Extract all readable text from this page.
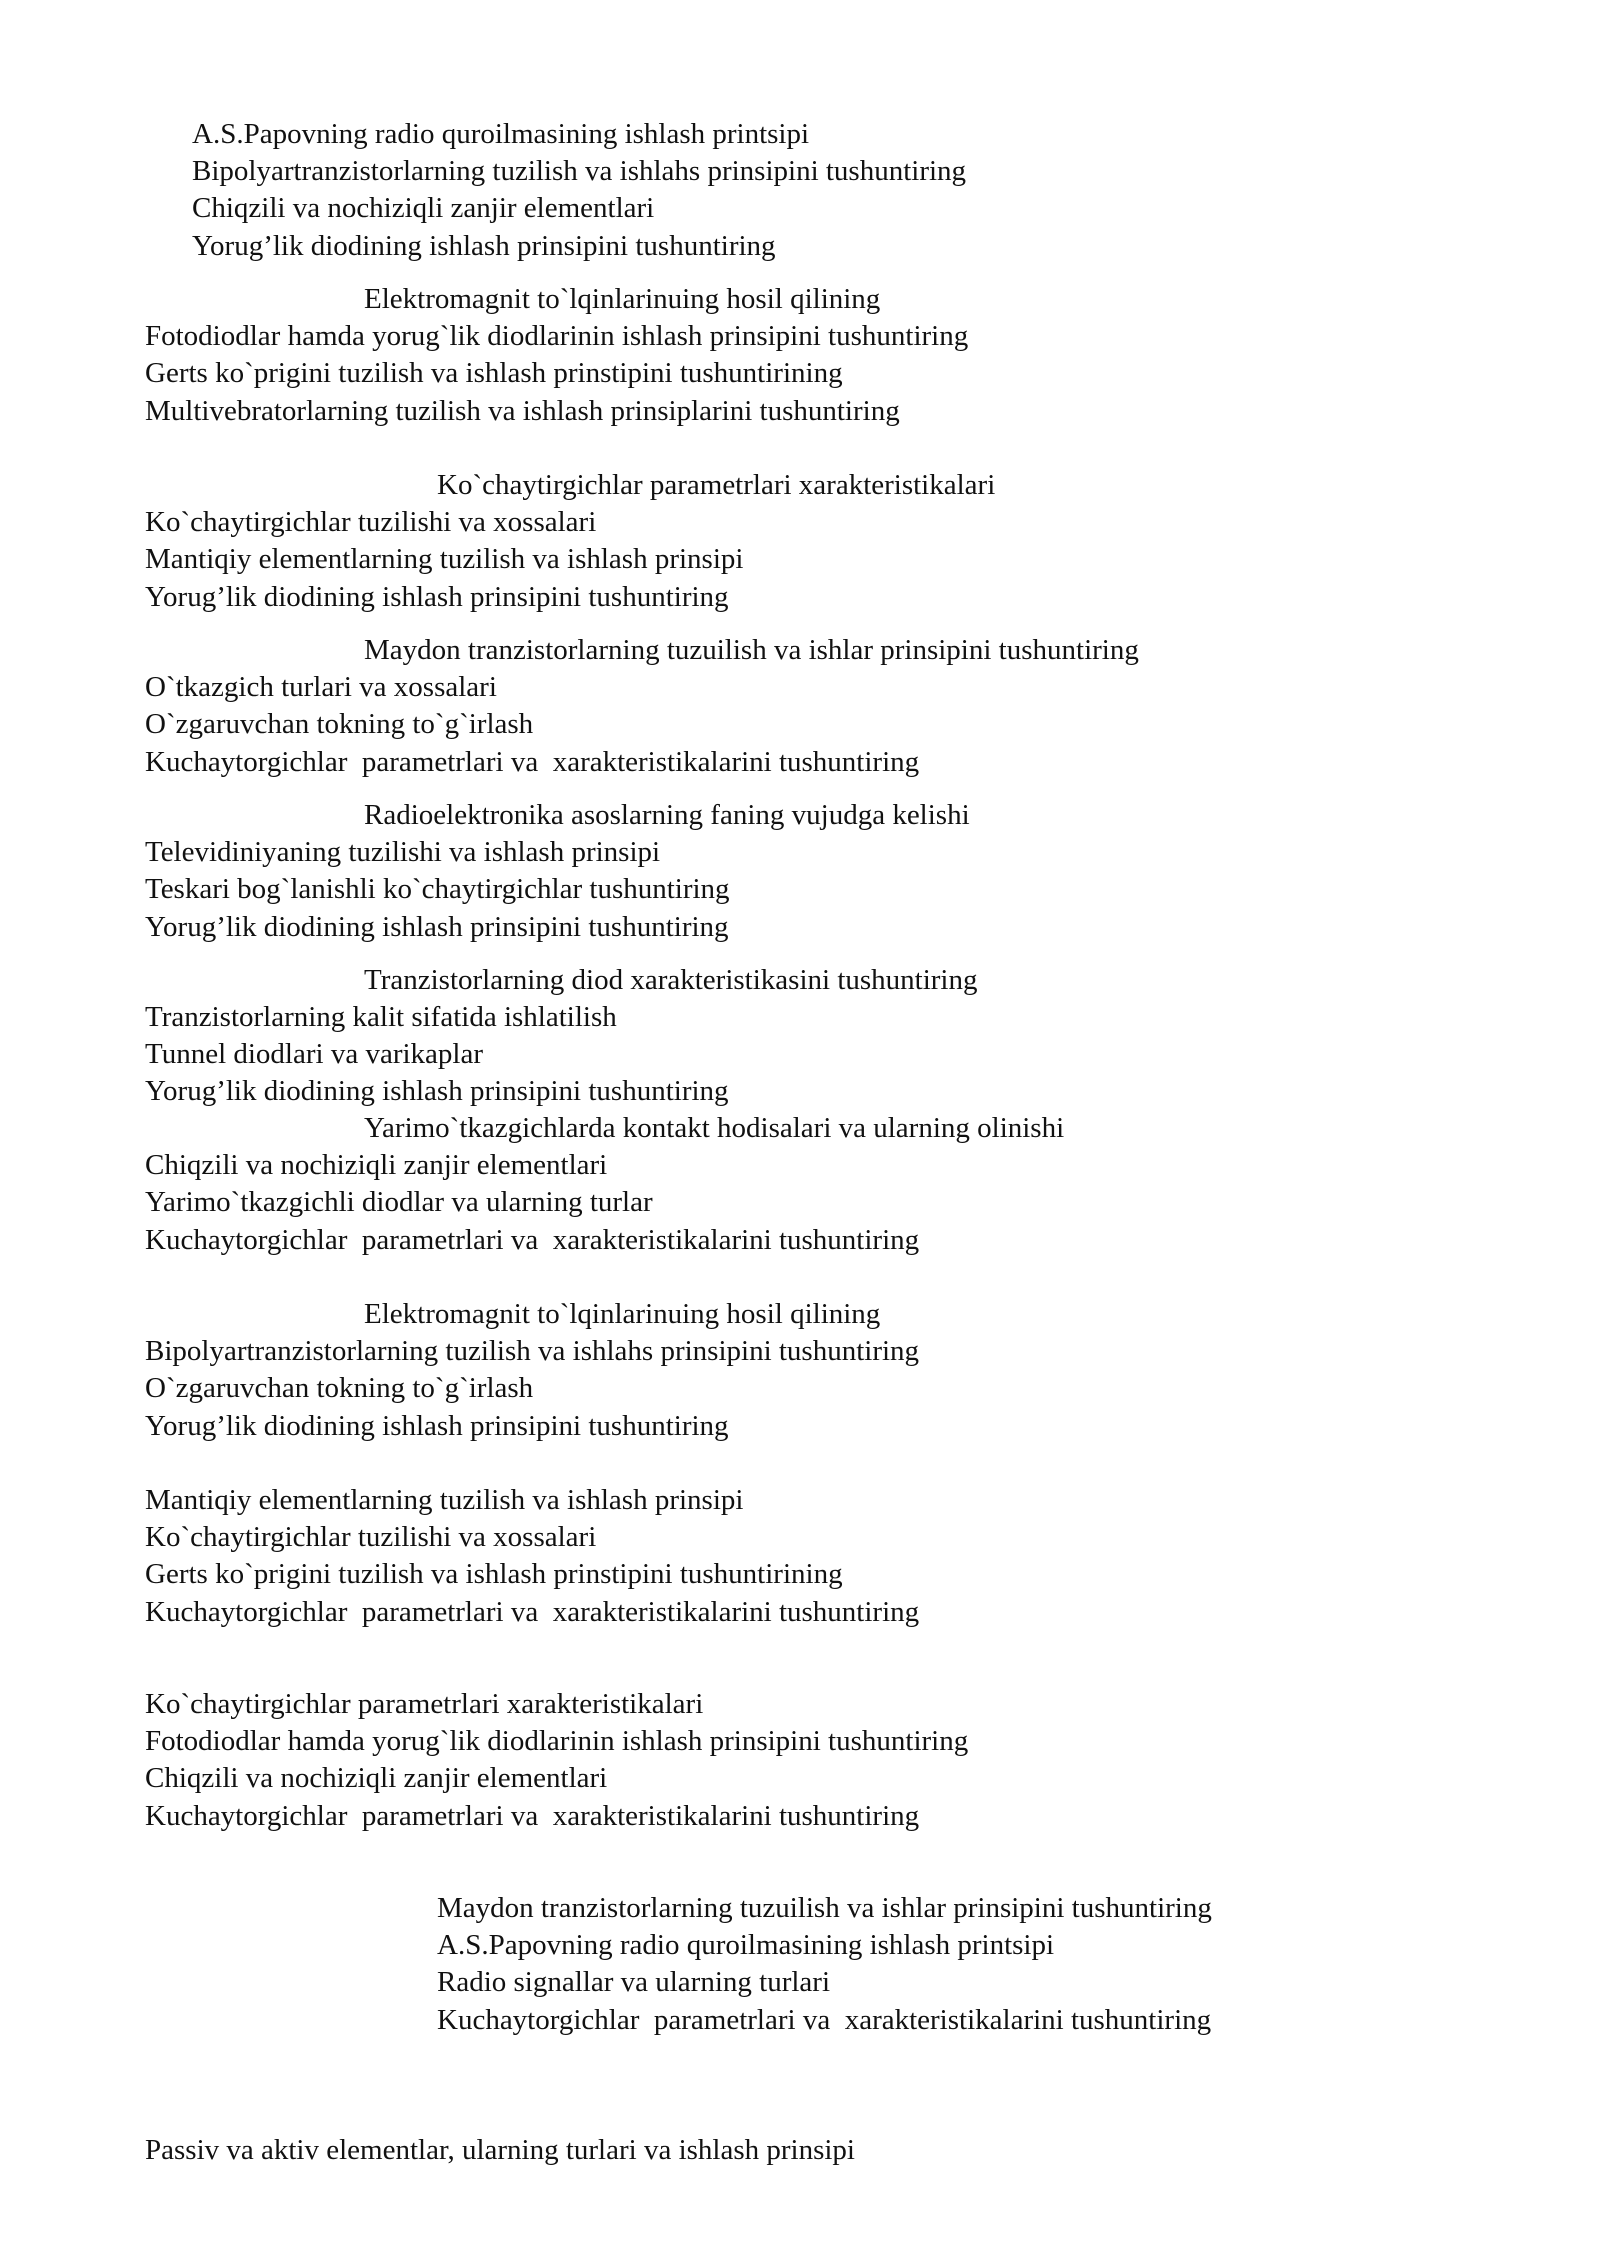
A.S.Papovning radio quroilmasining ishlash printsipi
Bipolyartranzistorlarning tuzilish va ishlahs prinsipini tushuntiring
Chiqzili va nochiziqli zanjir elementlari
Yorug’lik diodining ishlash prinsipini tushuntiring
Elektromagnit to`lqinlarinuing hosil qilining
Fotodiodlar hamda yorug`lik diodlarinin ishlash prinsipini tushuntiring
Gerts ko`prigini tuzilish va ishlash prinstipini tushuntirining
Multivebratorlarning tuzilish va ishlash prinsiplarini tushuntiring
Ko`chaytirgichlar parametrlari xarakteristikalari
Ko`chaytirgichlar tuzilishi va xossalari
Mantiqiy elementlarning tuzilish va ishlash prinsipi
Yorug’lik diodining ishlash prinsipini tushuntiring
Maydon tranzistorlarning tuzuilish va ishlar prinsipini tushuntiring
O`tkazgich turlari va xossalari
O`zgaruvchan tokning to`g`irlash
Kuchaytorgichlar  parametrlari va  xarakteristikalarini tushuntiring
Radioelektronika asoslarning faning vujudga kelishi
Televidiniyaning tuzilishi va ishlash prinsipi
Teskari bog`lanishli ko`chaytirgichlar tushuntiring
Yorug’lik diodining ishlash prinsipini tushuntiring
Tranzistorlarning diod xarakteristikasini tushuntiring
Tranzistorlarning kalit sifatida ishlatilish
Tunnel diodlari va varikaplar
Yorug’lik diodining ishlash prinsipini tushuntiring
Yarimo`tkazgichlarda kontakt hodisalari va ularning olinishi
Chiqzili va nochiziqli zanjir elementlari
Yarimo`tkazgichli diodlar va ularning turlar
Kuchaytorgichlar  parametrlari va  xarakteristikalarini tushuntiring
Elektromagnit to`lqinlarinuing hosil qilining
Bipolyartranzistorlarning tuzilish va ishlahs prinsipini tushuntiring
O`zgaruvchan tokning to`g`irlash
Yorug’lik diodining ishlash prinsipini tushuntiring
Mantiqiy elementlarning tuzilish va ishlash prinsipi
Ko`chaytirgichlar tuzilishi va xossalari
Gerts ko`prigini tuzilish va ishlash prinstipini tushuntirining
Kuchaytorgichlar  parametrlari va  xarakteristikalarini tushuntiring
Ko`chaytirgichlar parametrlari xarakteristikalari
Fotodiodlar hamda yorug`lik diodlarinin ishlash prinsipini tushuntiring
Chiqzili va nochiziqli zanjir elementlari
Kuchaytorgichlar  parametrlari va  xarakteristikalarini tushuntiring
Maydon tranzistorlarning tuzuilish va ishlar prinsipini tushuntiring
A.S.Papovning radio quroilmasining ishlash printsipi
Radio signallar va ularning turlari
Kuchaytorgichlar  parametrlari va  xarakteristikalarini tushuntiring
Passiv va aktiv elementlar, ularning turlari va ishlash prinsipi
